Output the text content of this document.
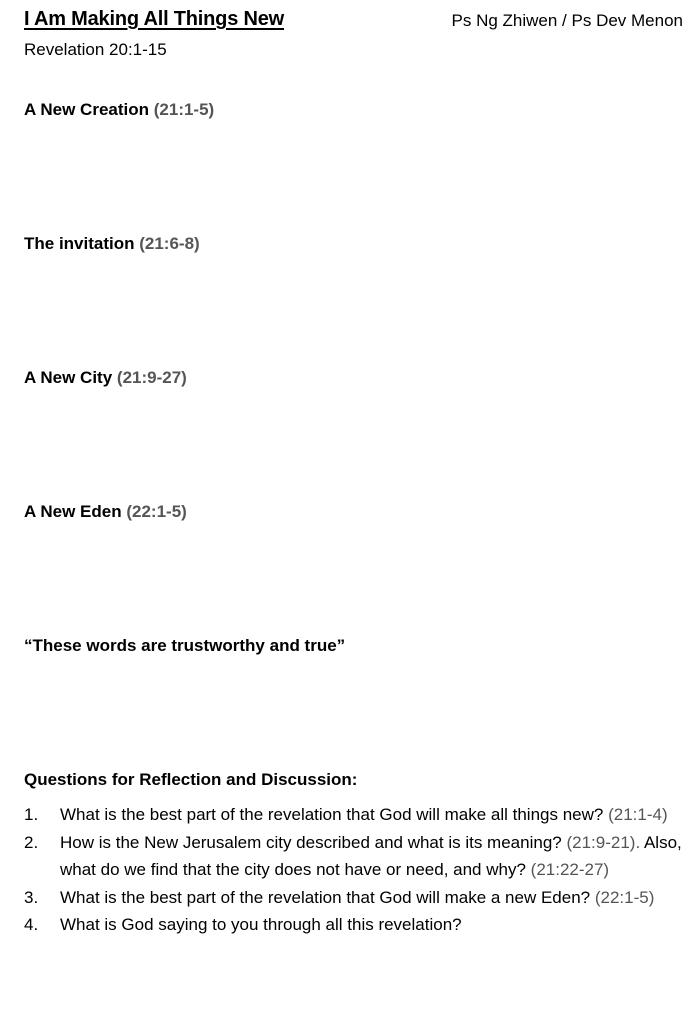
I Am Making All Things New	Ps Ng Zhiwen / Ps Dev Menon
Revelation 20:1-15
A New Creation (21:1-5)
The invitation (21:6-8)
A New City (21:9-27)
A New Eden (22:1-5)
“These words are trustworthy and true”
Questions for Reflection and Discussion:
1. What is the best part of the revelation that God will make all things new? (21:1-4)
2. How is the New Jerusalem city described and what is its meaning? (21:9-21). Also, what do we find that the city does not have or need, and why? (21:22-27)
3. What is the best part of the revelation that God will make a new Eden? (22:1-5)
4. What is God saying to you through all this revelation?
